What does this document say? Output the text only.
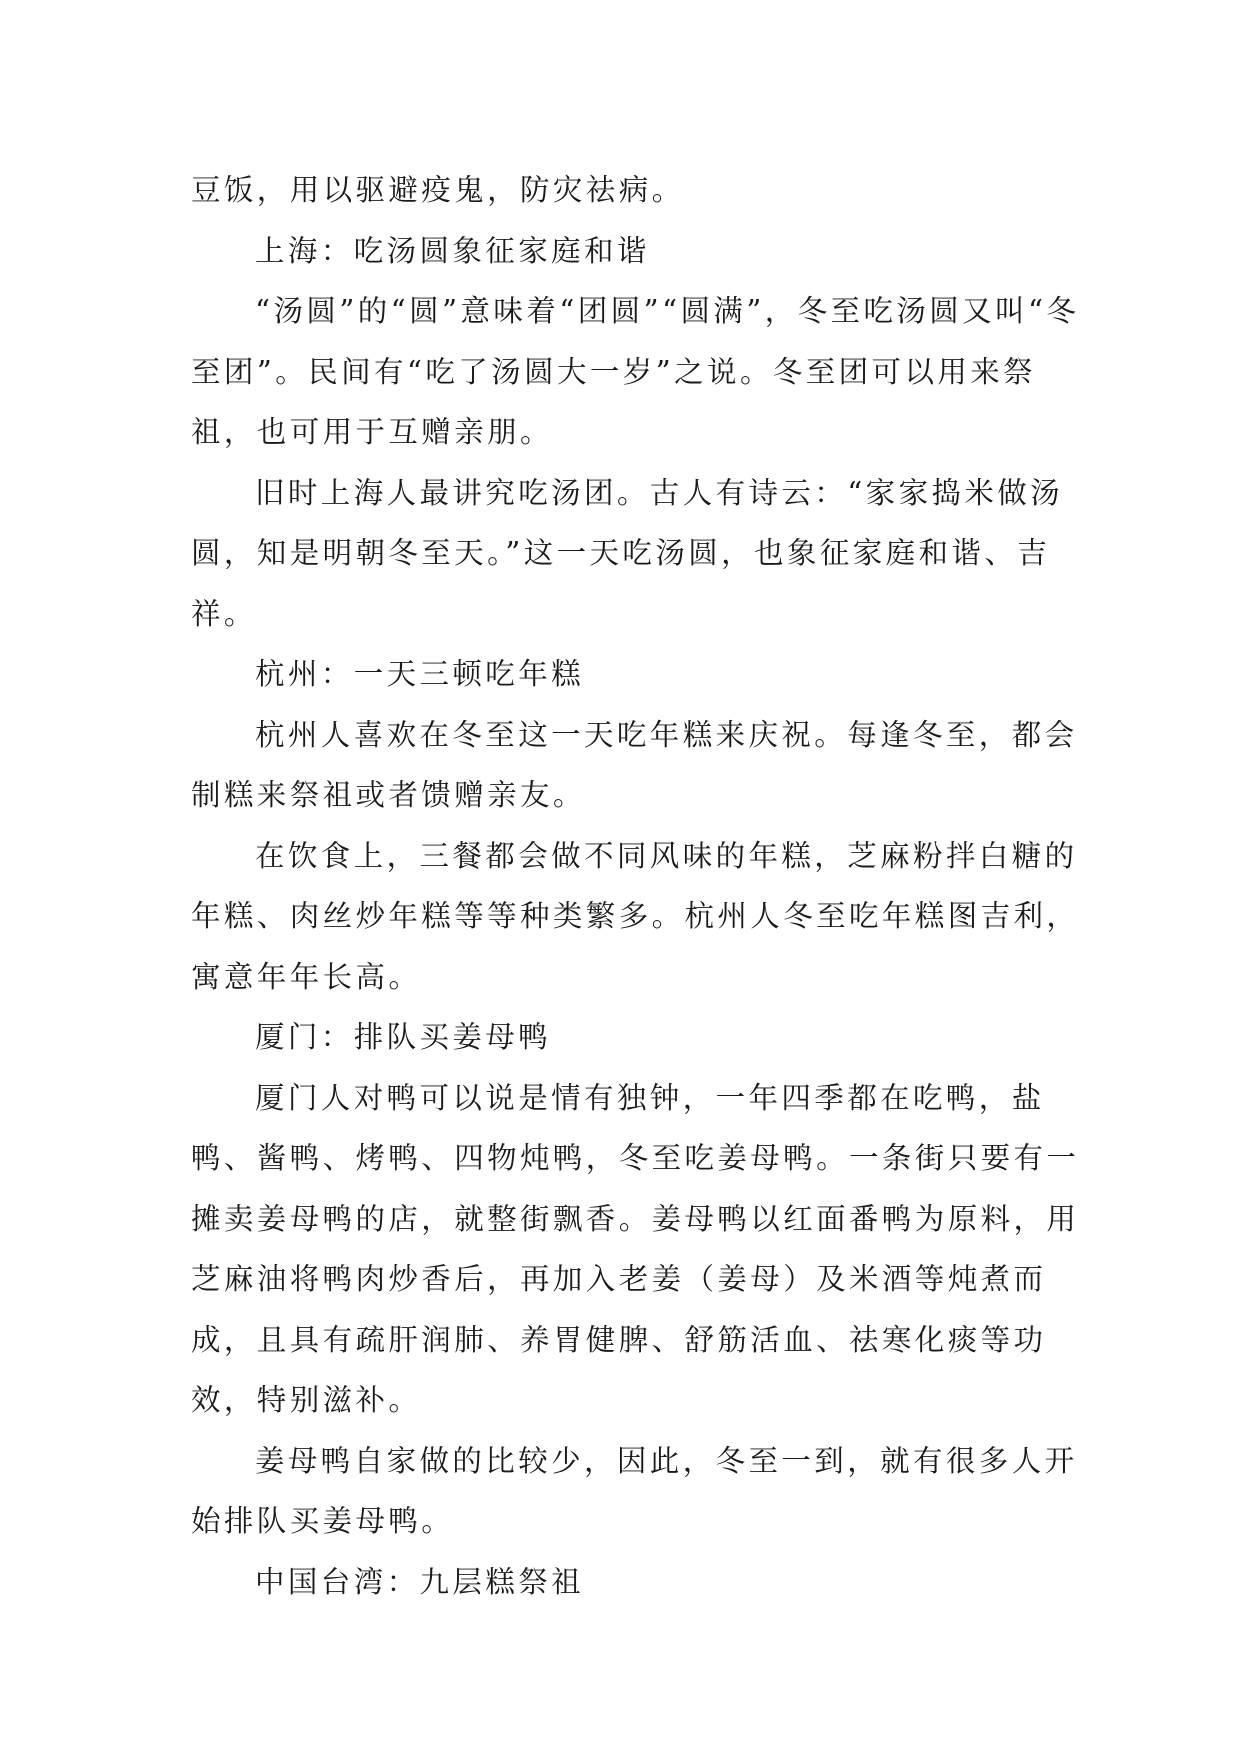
豆饭，用以驱避疫鬼，防灾祛病。

上海：吃汤圆象征家庭和谐

“汤圆”的“圆”意味着“团圆”“圆满”，冬至吃汤圆又叫“冬至团”。民间有“吃了汤圆大一岁”之说。冬至团可以用来祭祖，也可用于互赠亲朋。

旧时上海人最讲究吃汤团。古人有诗云：“家家捣米做汤圆，知是明朝冬至天。”这一天吃汤圆，也象征家庭和谐、吉祥。

杭州：一天三顿吃年糕

杭州人喜欢在冬至这一天吃年糕来庆祝。每逢冬至，都会制糕来祭祖或者馈赠亲友。

在饮食上，三餐都会做不同风味的年糕，芝麻粉拌白糖的年糕、肉丝炒年糕等等种类繁多。杭州人冬至吃年糕图吉利，寓意年年长高。

厦门：排队买姜母鸭

厦门人对鸭可以说是情有独钟，一年四季都在吃鸭，盐鸭、酱鸭、烤鸭、四物炖鸭，冬至吃姜母鸭。一条街只要有一摊卖姜母鸭的店，就整街飘香。姜母鸭以红面番鸭为原料，用芝麻油将鸭肉炒香后，再加入老姜（姜母）及米酒等炖煮而成，且具有疏肝润肺、养胃健脾、舒筋活血、祛寒化痰等功效，特别滋补。

姜母鸭自家做的比较少，因此，冬至一到，就有很多人开始排队买姜母鸭。

中国台湾：九层糕祭祖
